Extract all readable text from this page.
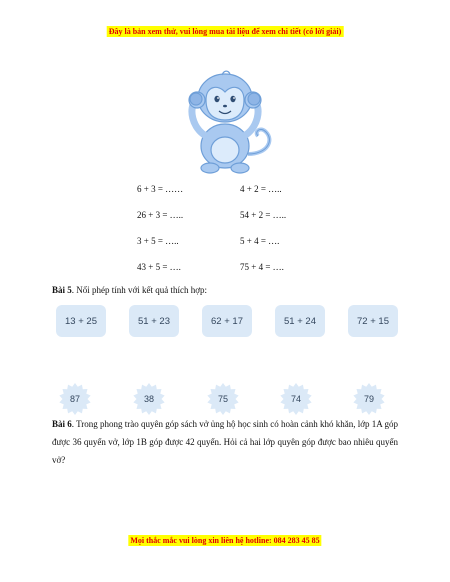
Đây là bản xem thử, vui lòng mua tài liệu để xem chi tiết (có lời giải)
6 + 3 = ……	4 + 2 = …..
26 + 3 = …..	54 + 2 = …..
3 + 5 = …..	5 + 4 = ….
43 + 5 = ….	75 + 4 = ….
Bài 5. Nối phép tính với kết quả thích hợp:
13 + 25	51 + 23	62 + 17	51 + 24	72 + 15
87	38	75	74	79
Bài 6. Trong phong trào quyên góp sách vở ủng hộ học sinh có hoàn cảnh khó khăn, lớp 1A góp được 36 quyển vở, lớp 1B góp được 42 quyển. Hỏi cả hai lớp quyên góp được bao nhiêu quyển vở?
Mọi thắc mắc vui lòng xin liên hệ hotline: 084 283 45 85
